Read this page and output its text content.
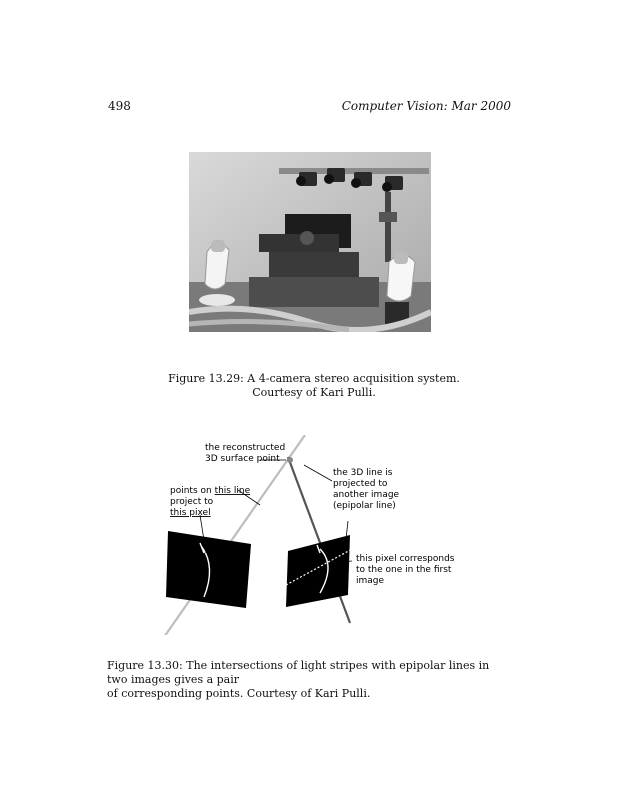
498	Computer Vision: Mar 2000
Figure 13.29: A 4-camera stereo acquisition system. Courtesy of Kari Pulli.
the reconstructed
3D surface point
points on this line
project to
this pixel
the 3D line is
projected to
another image
(epipolar line)
this pixel corresponds
to the one in the first
image
Figure 13.30: The intersections of light stripes with epipolar lines in two images gives a pair
of corresponding points. Courtesy of Kari Pulli.
